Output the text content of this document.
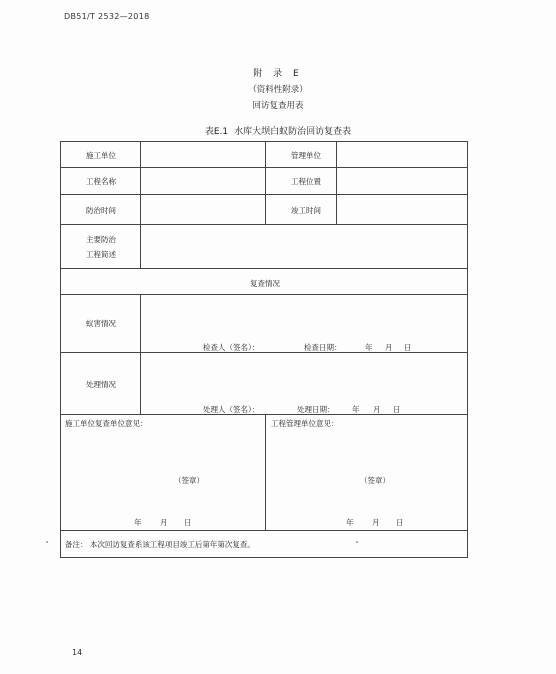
DB51/T 2532—2018
附 录 E
（资料性附录）
回访复查用表
表E.1 水库大坝白蚁防治回访复查表
施工单位	管理单位
工程名称	工程位置
防治时间	竣工时间
主要防治
工程简述
复查情况
蚁害情况
检查人（签名）：	检查日期：	年 月 日
处理情况
处理人（签名）：	处理日期： 年 月 日
施工单位复查单位意见：	工程管理单位意见：
（签章）	（签章）
年 月 日	年 月 日
备注： 本次回访复查系该工程项目竣工后第年第次复查。
14
